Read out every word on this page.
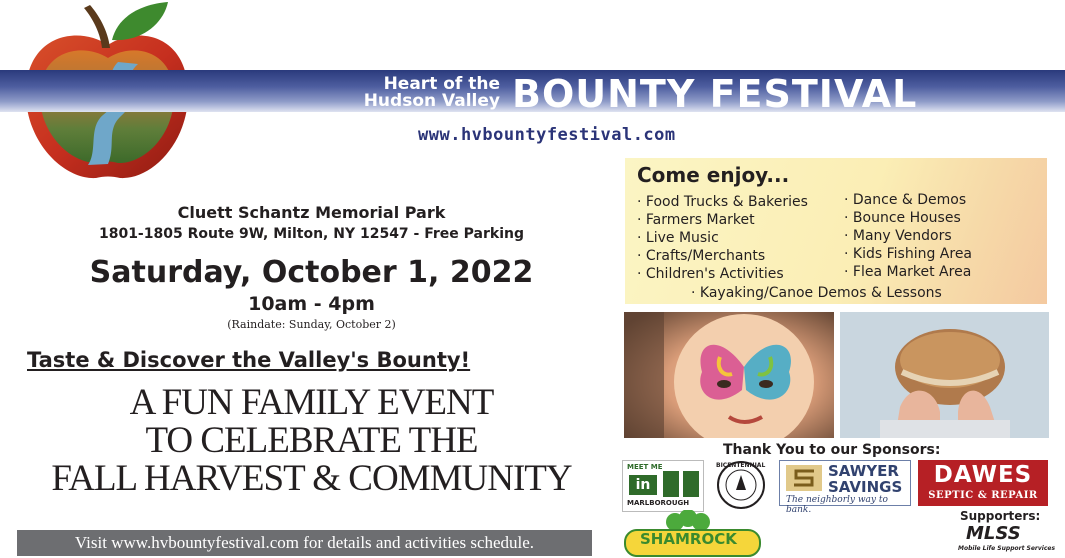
Heart of the
Hudson Valley BOUNTY FESTIVAL
www.hvbountyfestival.com
Cluett Schantz Memorial Park
1801-1805 Route 9W, Milton, NY 12547 - Free Parking
Saturday, October 1, 2022
10am - 4pm
(Raindate: Sunday, October 2)
Taste & Discover the Valley's Bounty!
A FUN FAMILY EVENT
TO CELEBRATE THE
FALL HARVEST & COMMUNITY
Visit www.hvbountyfestival.com for details and activities schedule.
Come enjoy...
· Food Trucks & Bakeries
· Farmers Market
· Live Music
· Crafts/Merchants
· Children's Activities
· Dance & Demos
· Bounce Houses
· Many Vendors
· Kids Fishing Area
· Flea Market Area
· Kayaking/Canoe Demos & Lessons
Thank You to our Sponsors:
MEET ME
in
MARLBOROUGH
BICENTENNIAL	SAWYER
SAVINGS
The neighborly way to bank.
DAWES
SEPTIC & REPAIR
Supporters:
MLSS
Mobile Life Support Services
SHAMROCK
